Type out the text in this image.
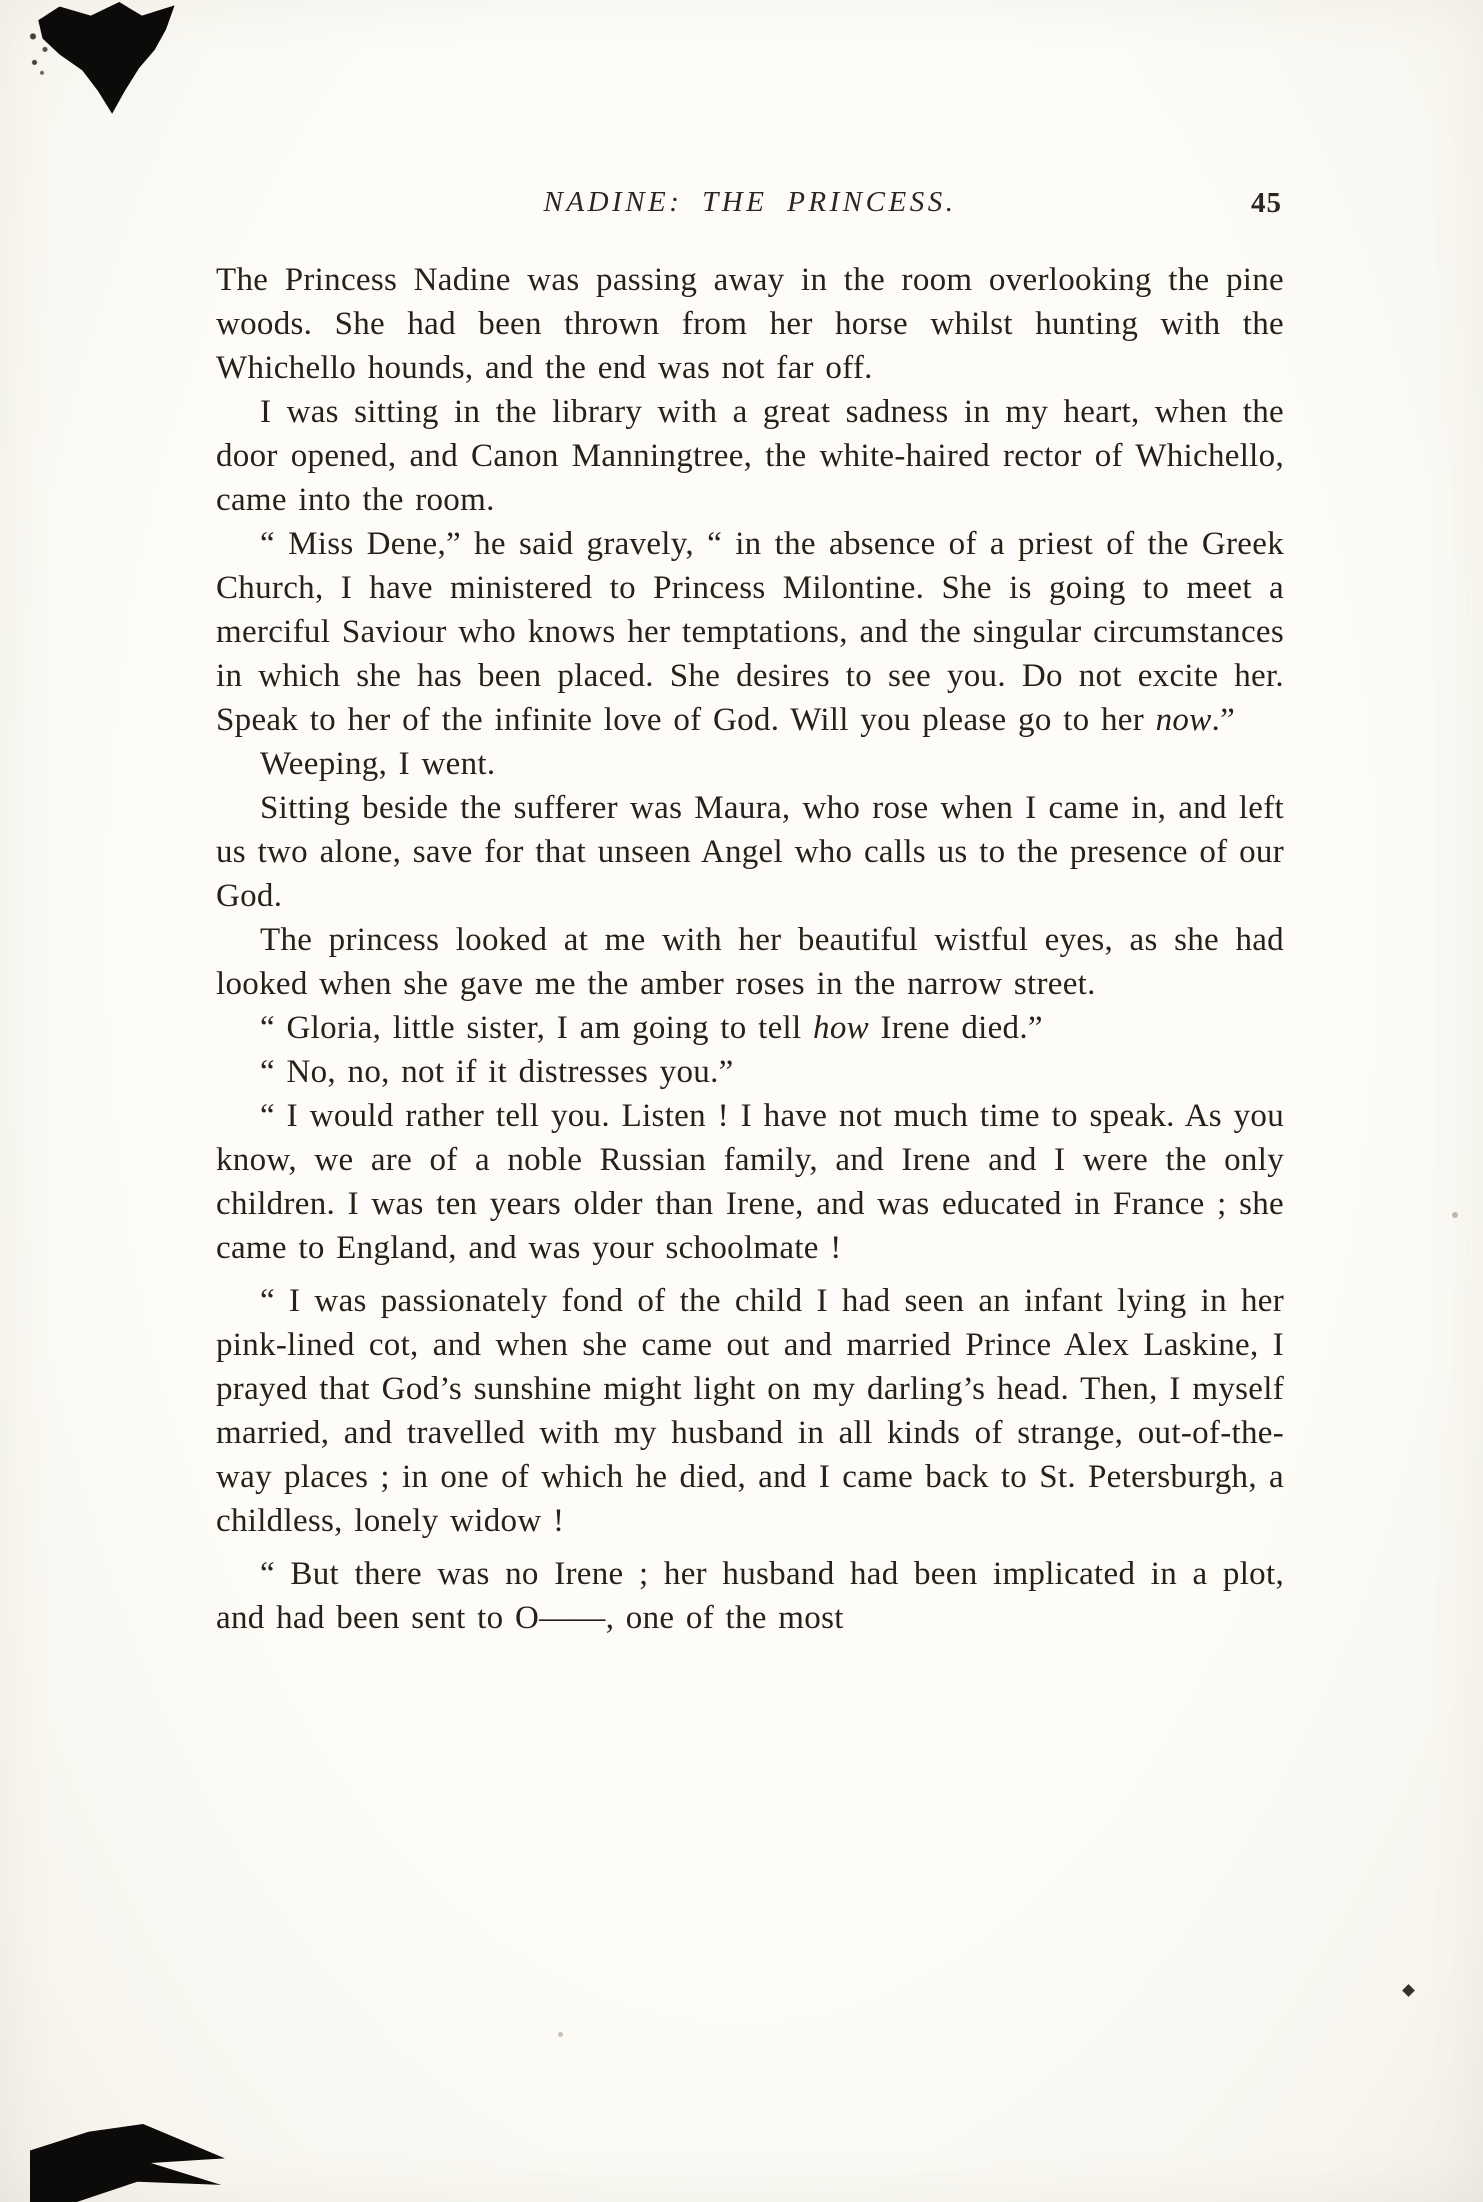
NADINE: THE PRINCESS.	45

The Princess Nadine was passing away in the room overlooking the pine woods. She had been thrown from her horse whilst hunting with the Whichello hounds, and the end was not far off.

I was sitting in the library with a great sadness in my heart, when the door opened, and Canon Manningtree, the white-haired rector of Whichello, came into the room.

“ Miss Dene,” he said gravely, “ in the absence of a priest of the Greek Church, I have ministered to Princess Milontine. She is going to meet a merciful Saviour who knows her temptations, and the singular circumstances in which she has been placed. She desires to see you. Do not excite her. Speak to her of the infinite love of God. Will you please go to her now.”

Weeping, I went.

Sitting beside the sufferer was Maura, who rose when I came in, and left us two alone, save for that unseen Angel who calls us to the presence of our God.

The princess looked at me with her beautiful wistful eyes, as she had looked when she gave me the amber roses in the narrow street.

“ Gloria, little sister, I am going to tell how Irene died.”

“ No, no, not if it distresses you.”

“ I would rather tell you. Listen ! I have not much time to speak. As you know, we are of a noble Russian family, and Irene and I were the only children. I was ten years older than Irene, and was educated in France ; she came to England, and was your schoolmate !

“ I was passionately fond of the child I had seen an infant lying in her pink-lined cot, and when she came out and married Prince Alex Laskine, I prayed that God’s sunshine might light on my darling’s head. Then, I myself married, and travelled with my husband in all kinds of strange, out-of-the-way places ; in one of which he died, and I came back to St. Petersburgh, a childless, lonely widow !

“ But there was no Irene ; her husband had been implicated in a plot, and had been sent to O——, one of the most
